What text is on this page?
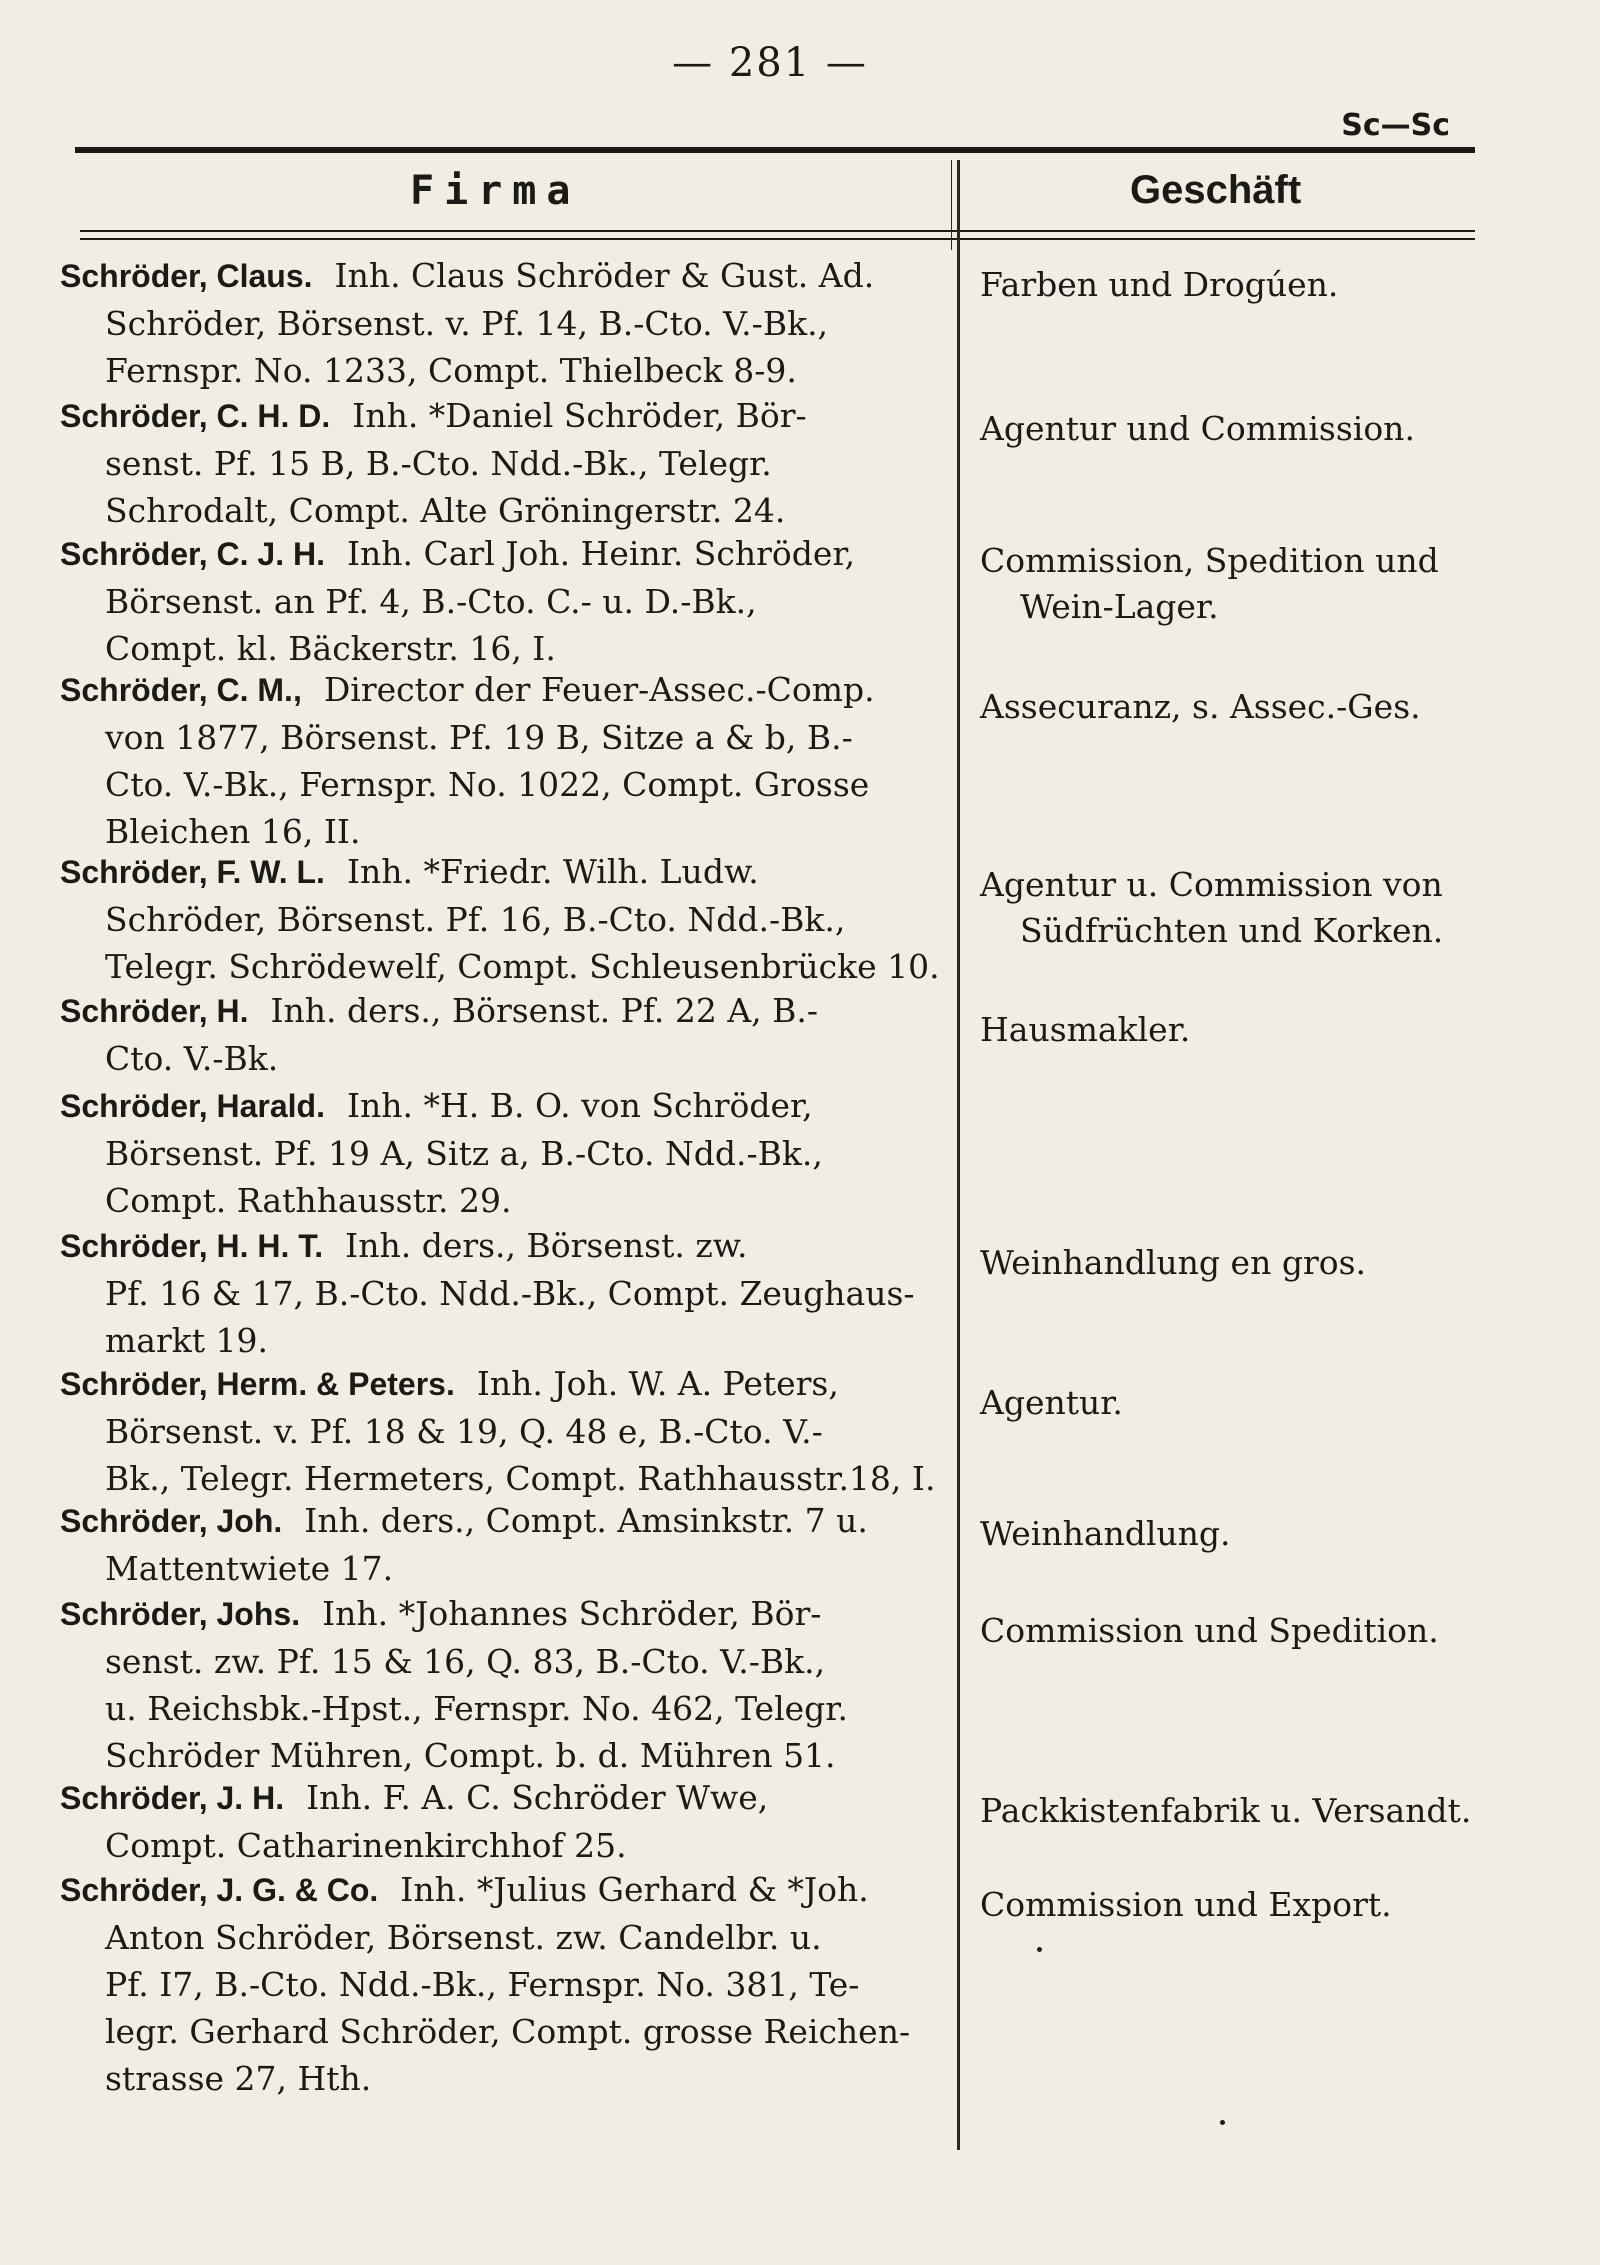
— 281 —
Sc—Sc
Firma	Geschäft
Schröder, Claus. Inh. Claus Schröder & Gust. Ad.
Schröder, Börsenst. v. Pf. 14, B.-Cto. V.-Bk.,
Fernspr. No. 1233, Compt. Thielbeck 8-9.
Farben und Drogúen.
Schröder, C. H. D. Inh. *Daniel Schröder, Bör-
senst. Pf. 15 B, B.-Cto. Ndd.-Bk., Telegr.
Schrodalt, Compt. Alte Gröningerstr. 24.
Agentur und Commission.
Schröder, C. J. H. Inh. Carl Joh. Heinr. Schröder,
Börsenst. an Pf. 4, B.-Cto. C.- u. D.-Bk.,
Compt. kl. Bäckerstr. 16, I.
Commission, Spedition und
Wein-Lager.
Schröder, C. M., Director der Feuer-Assec.-Comp.
von 1877, Börsenst. Pf. 19 B, Sitze a & b, B.-
Cto. V.-Bk., Fernspr. No. 1022, Compt. Grosse
Bleichen 16, II.
Assecuranz, s. Assec.-Ges.
Schröder, F. W. L. Inh. *Friedr. Wilh. Ludw.
Schröder, Börsenst. Pf. 16, B.-Cto. Ndd.-Bk.,
Telegr. Schrödewelf, Compt. Schleusenbrücke 10.
Agentur u. Commission von
Südfrüchten und Korken.
Schröder, H. Inh. ders., Börsenst. Pf. 22 A, B.-
Cto. V.-Bk.
Hausmakler.
Schröder, Harald. Inh. *H. B. O. von Schröder,
Börsenst. Pf. 19 A, Sitz a, B.-Cto. Ndd.-Bk.,
Compt. Rathhausstr. 29.
Schröder, H. H. T. Inh. ders., Börsenst. zw.
Pf. 16 & 17, B.-Cto. Ndd.-Bk., Compt. Zeughaus-
markt 19.
Weinhandlung en gros.
Schröder, Herm. & Peters. Inh. Joh. W. A. Peters,
Börsenst. v. Pf. 18 & 19, Q. 48 e, B.-Cto. V.-
Bk., Telegr. Hermeters, Compt. Rathhausstr.18, I.
Agentur.
Schröder, Joh. Inh. ders., Compt. Amsinkstr. 7 u.
Mattentwiete 17.
Weinhandlung.
Schröder, Johs. Inh. *Johannes Schröder, Bör-
senst. zw. Pf. 15 & 16, Q. 83, B.-Cto. V.-Bk.,
u. Reichsbk.-Hpst., Fernspr. No. 462, Telegr.
Schröder Mühren, Compt. b. d. Mühren 51.
Commission und Spedition.
Schröder, J. H. Inh. F. A. C. Schröder Wwe,
Compt. Catharinenkirchhof 25.
Packkistenfabrik u. Versandt.
Schröder, J. G. & Co. Inh. *Julius Gerhard & *Joh.
Anton Schröder, Börsenst. zw. Candelbr. u.
Pf. I7, B.-Cto. Ndd.-Bk., Fernspr. No. 381, Te-
legr. Gerhard Schröder, Compt. grosse Reichen-
strasse 27, Hth.
Commission und Export.
